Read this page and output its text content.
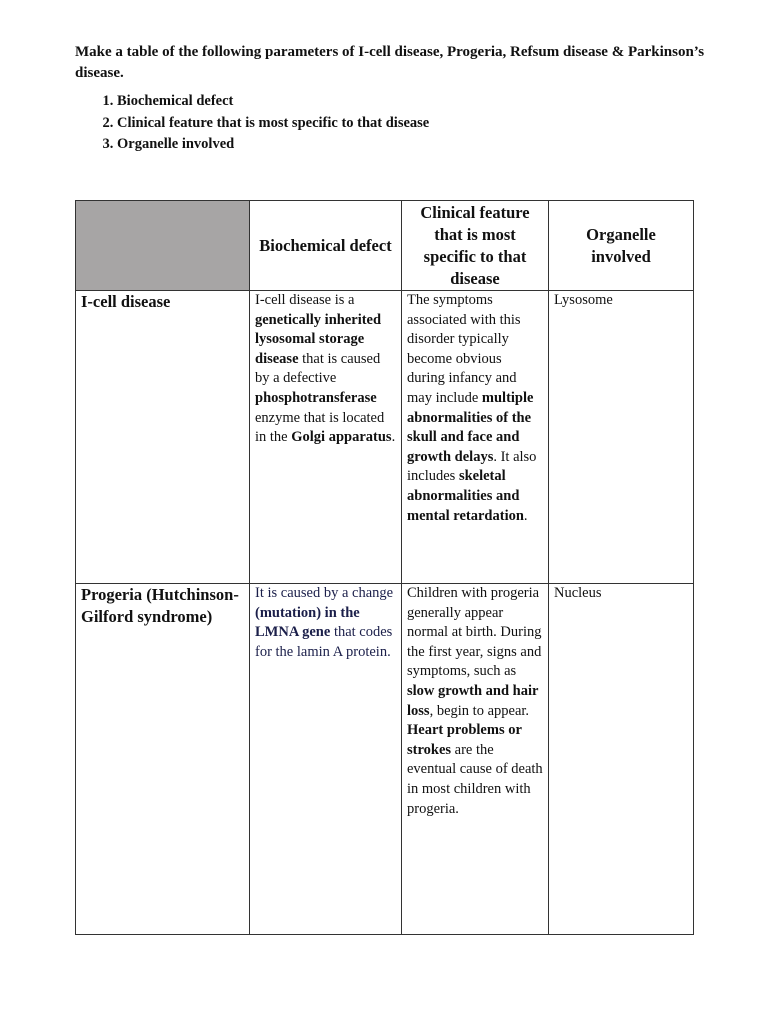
Make a table of the following parameters of I-cell disease, Progeria, Refsum disease & Parkinson’s disease.

1. Biochemical defect
2. Clinical feature that is most specific to that disease
3. Organelle involved
	Biochemical defect	Clinical feature that is most specific to that disease	Organelle involved
I-cell disease	I-cell disease is a genetically inherited lysosomal storage disease that is caused by a defective phosphotransferase enzyme that is located in the Golgi apparatus.	The symptoms associated with this disorder typically become obvious during infancy and may include multiple abnormalities of the skull and face and growth delays. It also includes skeletal abnormalities and mental retardation.	Lysosome
Progeria (Hutchinson-Gilford syndrome)	It is caused by a change (mutation) in the LMNA gene that codes for the lamin A protein.	Children with progeria generally appear normal at birth. During the first year, signs and symptoms, such as slow growth and hair loss, begin to appear. Heart problems or strokes are the eventual cause of death in most children with progeria.	Nucleus
